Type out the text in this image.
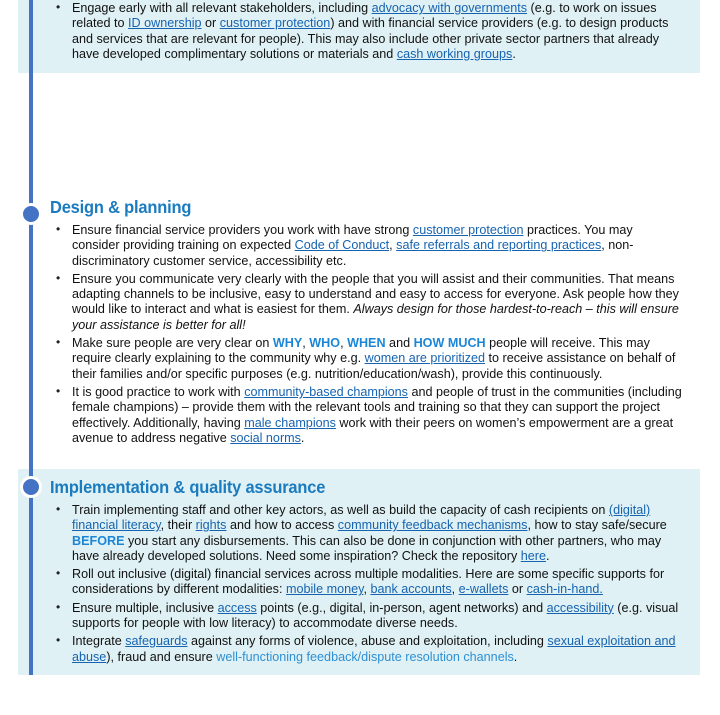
• Engage early with all relevant stakeholders, including advocacy with governments (e.g. to work on issues related to ID ownership or customer protection) and with financial service providers (e.g. to design products and services that are relevant for people). This may also include other private sector partners that already have developed complimentary solutions or materials and cash working groups.
Design & planning
• Ensure financial service providers you work with have strong customer protection practices. You may consider providing training on expected Code of Conduct, safe referrals and reporting practices, non-discriminatory customer service, accessibility etc.
• Ensure you communicate very clearly with the people that you will assist and their communities. That means adapting channels to be inclusive, easy to understand and easy to access for everyone. Ask people how they would like to interact and what is easiest for them. Always design for those hardest-to-reach – this will ensure your assistance is better for all!
• Make sure people are very clear on WHY, WHO, WHEN and HOW MUCH people will receive. This may require clearly explaining to the community why e.g. women are prioritized to receive assistance on behalf of their families and/or specific purposes (e.g. nutrition/education/wash), provide this continuously.
• It is good practice to work with community-based champions and people of trust in the communities (including female champions) – provide them with the relevant tools and training so that they can support the project effectively. Additionally, having male champions work with their peers on women’s empowerment are a great avenue to address negative social norms.
Implementation & quality assurance
• Train implementing staff and other key actors, as well as build the capacity of cash recipients on (digital) financial literacy, their rights and how to access community feedback mechanisms, how to stay safe/secure BEFORE you start any disbursements. This can also be done in conjunction with other partners, who may have already developed solutions. Need some inspiration? Check the repository here.
• Roll out inclusive (digital) financial services across multiple modalities. Here are some specific supports for considerations by different modalities: mobile money, bank accounts, e-wallets or cash-in-hand.
• Ensure multiple, inclusive access points (e.g., digital, in-person, agent networks) and accessibility (e.g. visual supports for people with low literacy) to accommodate diverse needs.
• Integrate safeguards against any forms of violence, abuse and exploitation, including sexual exploitation and abuse), fraud and ensure well-functioning feedback/dispute resolution channels.
